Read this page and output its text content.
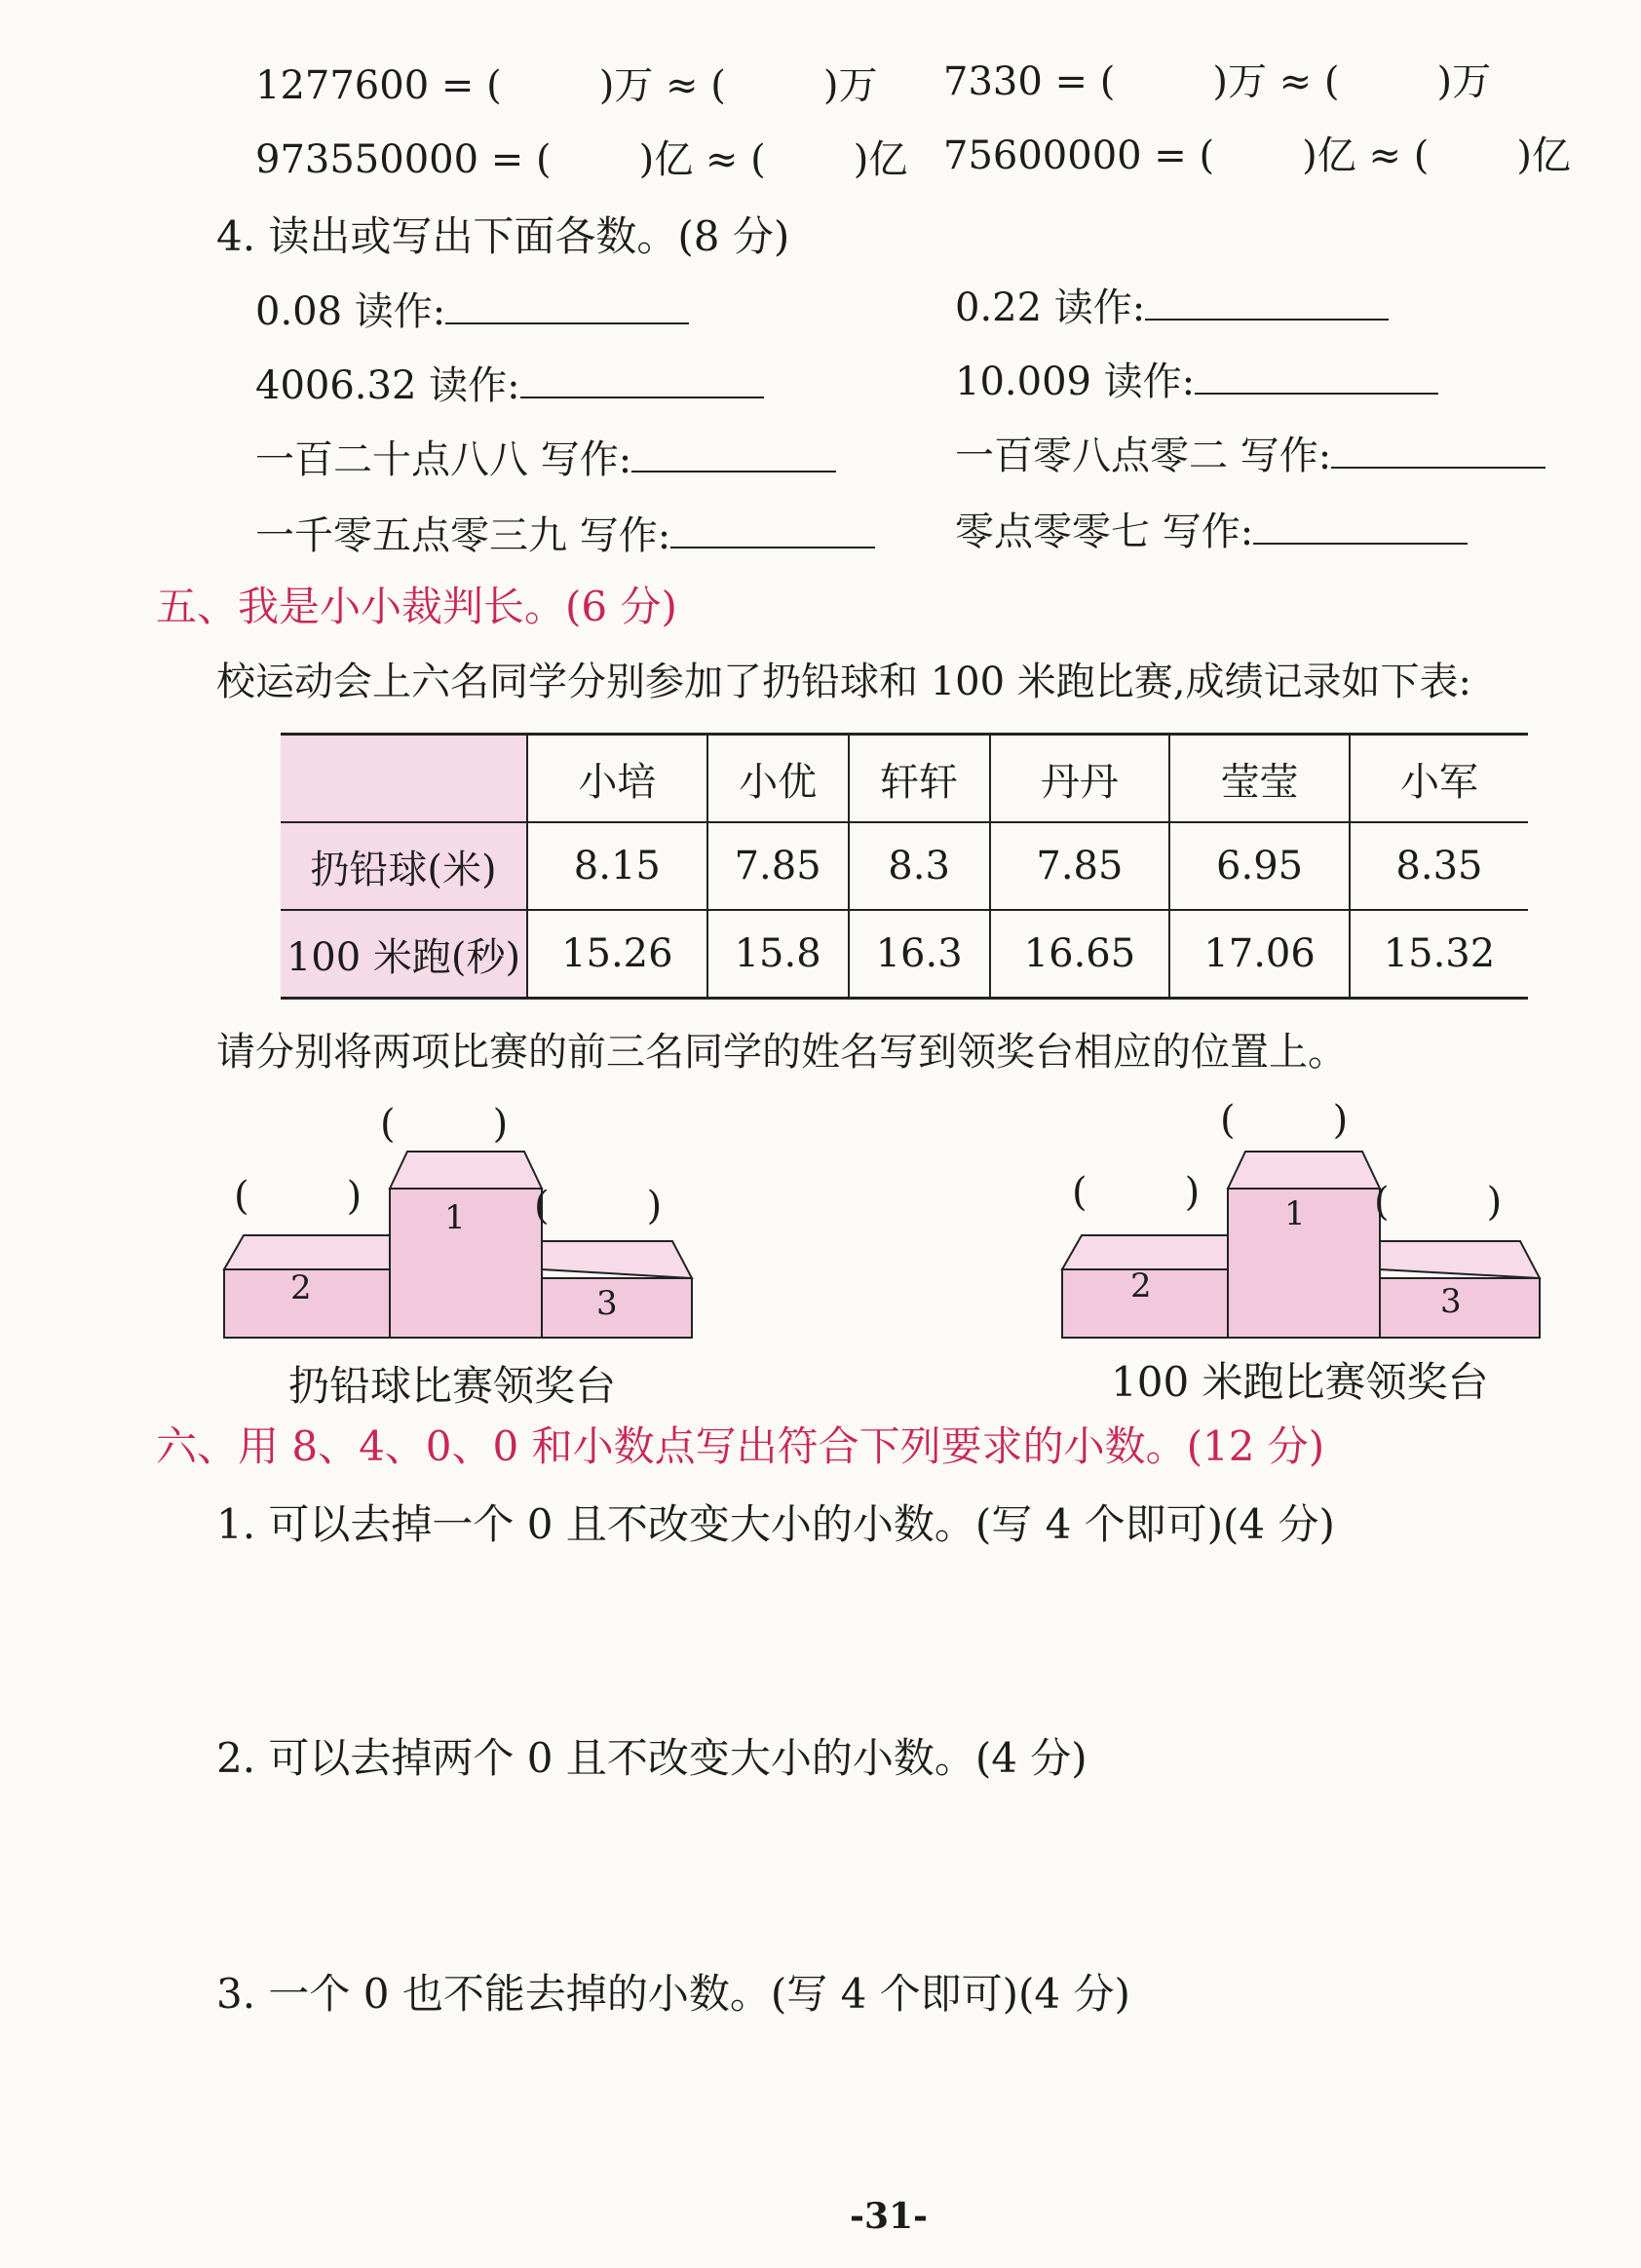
1277600 = (	)万 ≈ (	)万 7330 = (	)万 ≈ (	)万
973550000 = ( )亿 ≈ ( )亿 75600000 = ( )亿 ≈ ( )亿
4. 读出或写出下面各数。(8 分)
0.08 读作:	0.22 读作:
4006.32 读作:	10.009 读作:
一百二十点八八 写作:	一百零八点零二 写作:
一千零五点零三九 写作:	零点零零七 写作:
五、我是小小裁判长。(6 分)
校运动会上六名同学分别参加了扔铅球和 100 米跑比赛,成绩记录如下表:
	小培	小优	轩轩	丹丹	莹莹	小军
扔铅球(米)	8.15	7.85	8.3	7.85	6.95	8.35
100 米跑(秒)	15.26	15.8	16.3	16.65	17.06	15.32
请分别将两项比赛的前三名同学的姓名写到领奖台相应的位置上。
1
2	3
(	)
(	)	(	)
扔铅球比赛领奖台
1
2	3
(	)
(	)	(	)
100 米跑比赛领奖台
六、用 8、4、0、0 和小数点写出符合下列要求的小数。(12 分)
1. 可以去掉一个 0 且不改变大小的小数。(写 4 个即可)(4 分)
2. 可以去掉两个 0 且不改变大小的小数。(4 分)
3. 一个 0 也不能去掉的小数。(写 4 个即可)(4 分)
-31-
